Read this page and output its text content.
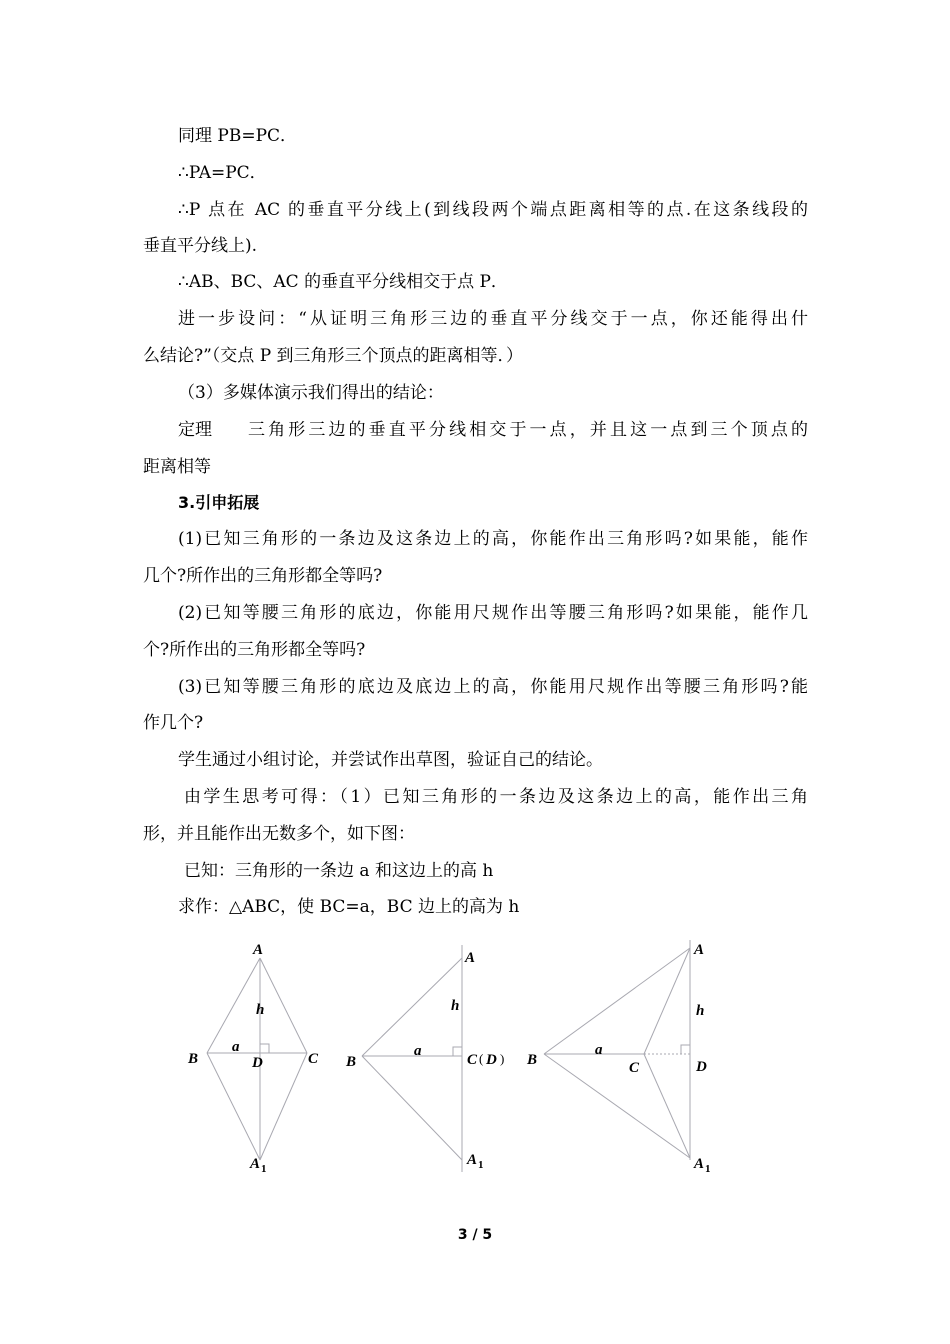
同理 PB=PC．
∴PA=PC．
∴P 点在 AC 的垂直平分线上(到线段两个端点距离相等的点.在这条线段的
垂直平分线上).
∴AB、BC、AC 的垂直平分线相交于点 P．
进一步设问：“从证明三角形三边的垂直平分线交于一点，你还能得出什
么结论?”（交点 P 到三角形三个顶点的距离相等．）
（3）多媒体演示我们得出的结论：
定理 三角形三边的垂直平分线相交于一点，并且这一点到三个顶点的
距离相等
3.引申拓展
(1)已知三角形的一条边及这条边上的高，你能作出三角形吗?如果能，能作
几个?所作出的三角形都全等吗?
(2)已知等腰三角形的底边，你能用尺规作出等腰三角形吗?如果能，能作几
个?所作出的三角形都全等吗?
(3)已知等腰三角形的底边及底边上的高，你能用尺规作出等腰三角形吗?能
作几个?
学生通过小组讨论，并尝试作出草图，验证自己的结论。
由学生思考可得：（1）已知三角形的一条边及这条边上的高，能作出三角
形，并且能作出无数多个，如下图：
已知：三角形的一条边 a 和这边上的高 h
求作：△ABC，使 BC=a，BC 边上的高为 h
A
h
a
B	D	C
A 1
A
h
a
B	C ( D )
A 1
A
h
a
B	C	D
A 1
3 / 5
